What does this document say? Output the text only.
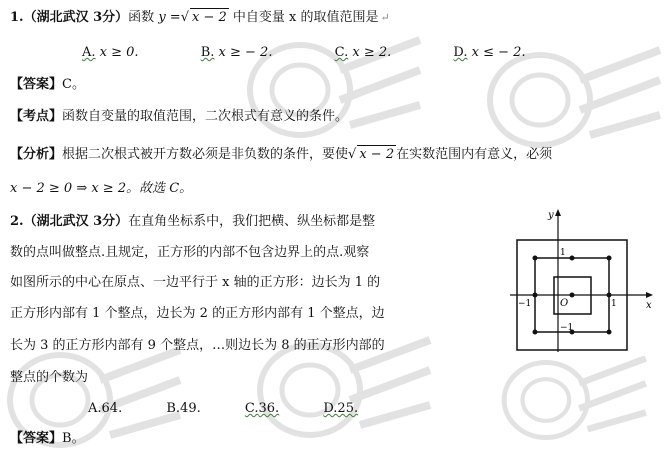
1.（湖北武汉 3分）函数 y =√ x − 2 中自变量 x 的取值范围是 ↵
A. x ≥ 0.	B. x ≥ − 2.	C. x ≥ 2.	D. x ≤ − 2.
【答案】C。
【考点】函数自变量的取值范围，二次根式有意义的条件。
【分析】根据二次根式被开方数必须是非负数的条件，要使√ x − 2 在实数范围内有意义，必须
x − 2 ≥ 0 ⇒ x ≥ 2。故选 C。
2.（湖北武汉 3分）在直角坐标系中，我们把横、纵坐标都是整
数的点叫做整点.且规定，正方形的内部不包含边界上的点.观察
如图所示的中心在原点、一边平行于 x 轴的正方形：边长为 1 的
正方形内部有 1 个整点，边长为 2 的正方形内部有 1 个整点，边
长为 3 的正方形内部有 9 个整点，…则边长为 8 的正方形内部的
整点的个数为
A.64.	B.49.	C.36.	D.25.
【答案】B。
y
x
O
1
−1	1
−1
